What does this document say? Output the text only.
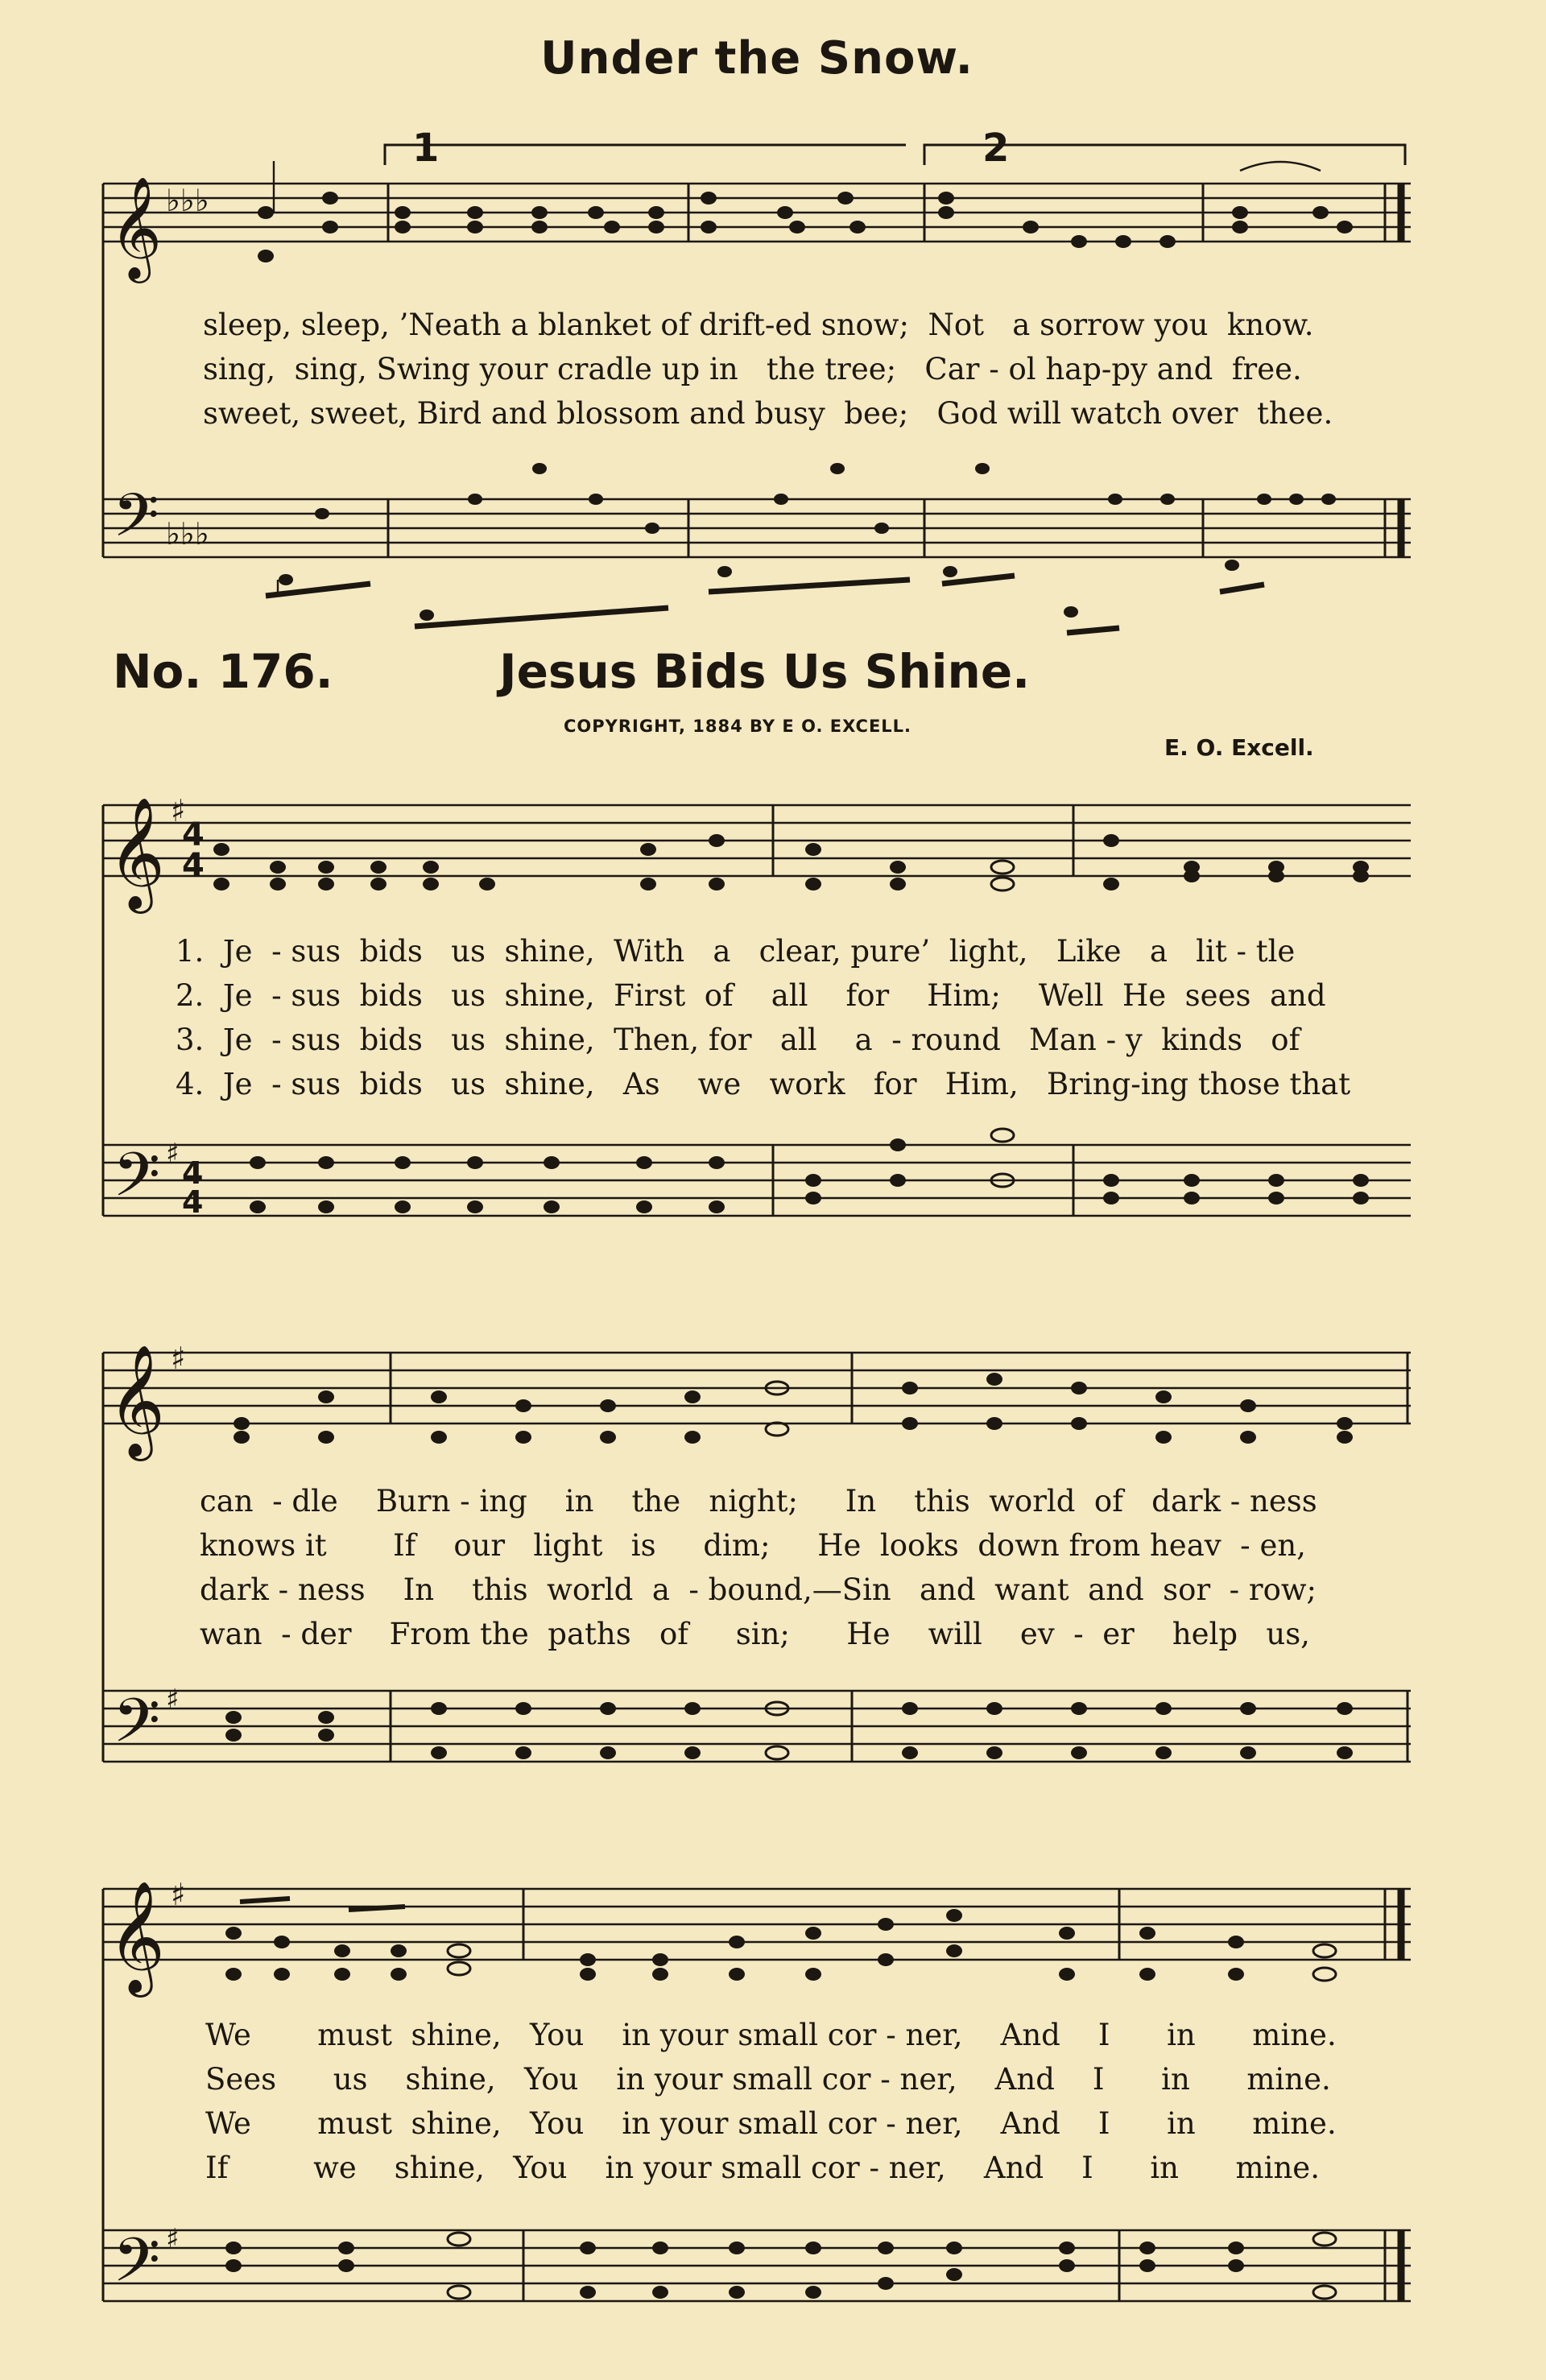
Under the Snow.
1	2
𝄞 ♭♭♭
𝄢 ♭♭♭
𝄞 ♯
4
4
𝄢 ♯
4
4
𝄞 ♯
𝄢 ♯
𝄞 ♯
𝄢 ♯
sleep, sleep, ’Neath a blanket of drift-ed snow;  Not   a sorrow you  know.
sing,  sing, Swing your cradle up in   the tree;   Car - ol hap-py and  free.
sweet, sweet, Bird and blossom and busy  bee;   God will watch over  thee.
No. 176.	Jesus Bids Us Shine.
COPYRIGHT, 1884 BY E O. EXCELL.
E. O. Excell.
1.  Je  - sus  bids   us  shine,  With   a   clear, pure’  light,   Like   a   lit - tle
2.  Je  - sus  bids   us  shine,  First  of    all    for    Him;    Well  He  sees  and
3.  Je  - sus  bids   us  shine,  Then, for   all    a  - round   Man - y  kinds   of
4.  Je  - sus  bids   us  shine,   As    we   work   for   Him,   Bring-ing those that
can  - dle    Burn - ing    in    the   night;     In    this  world  of   dark - ness
knows it       If    our   light   is     dim;     He  looks  down from heav  - en,
dark - ness    In    this  world  a  - bound,—Sin   and  want  and  sor  - row;
wan  - der    From the  paths   of     sin;      He    will    ev  -  er    help   us,
We       must  shine,   You    in your small cor - ner,    And    I      in      mine.
Sees      us    shine,   You    in your small cor - ner,    And    I      in      mine.
We       must  shine,   You    in your small cor - ner,    And    I      in      mine.
If         we    shine,   You    in your small cor - ner,    And    I      in      mine.
